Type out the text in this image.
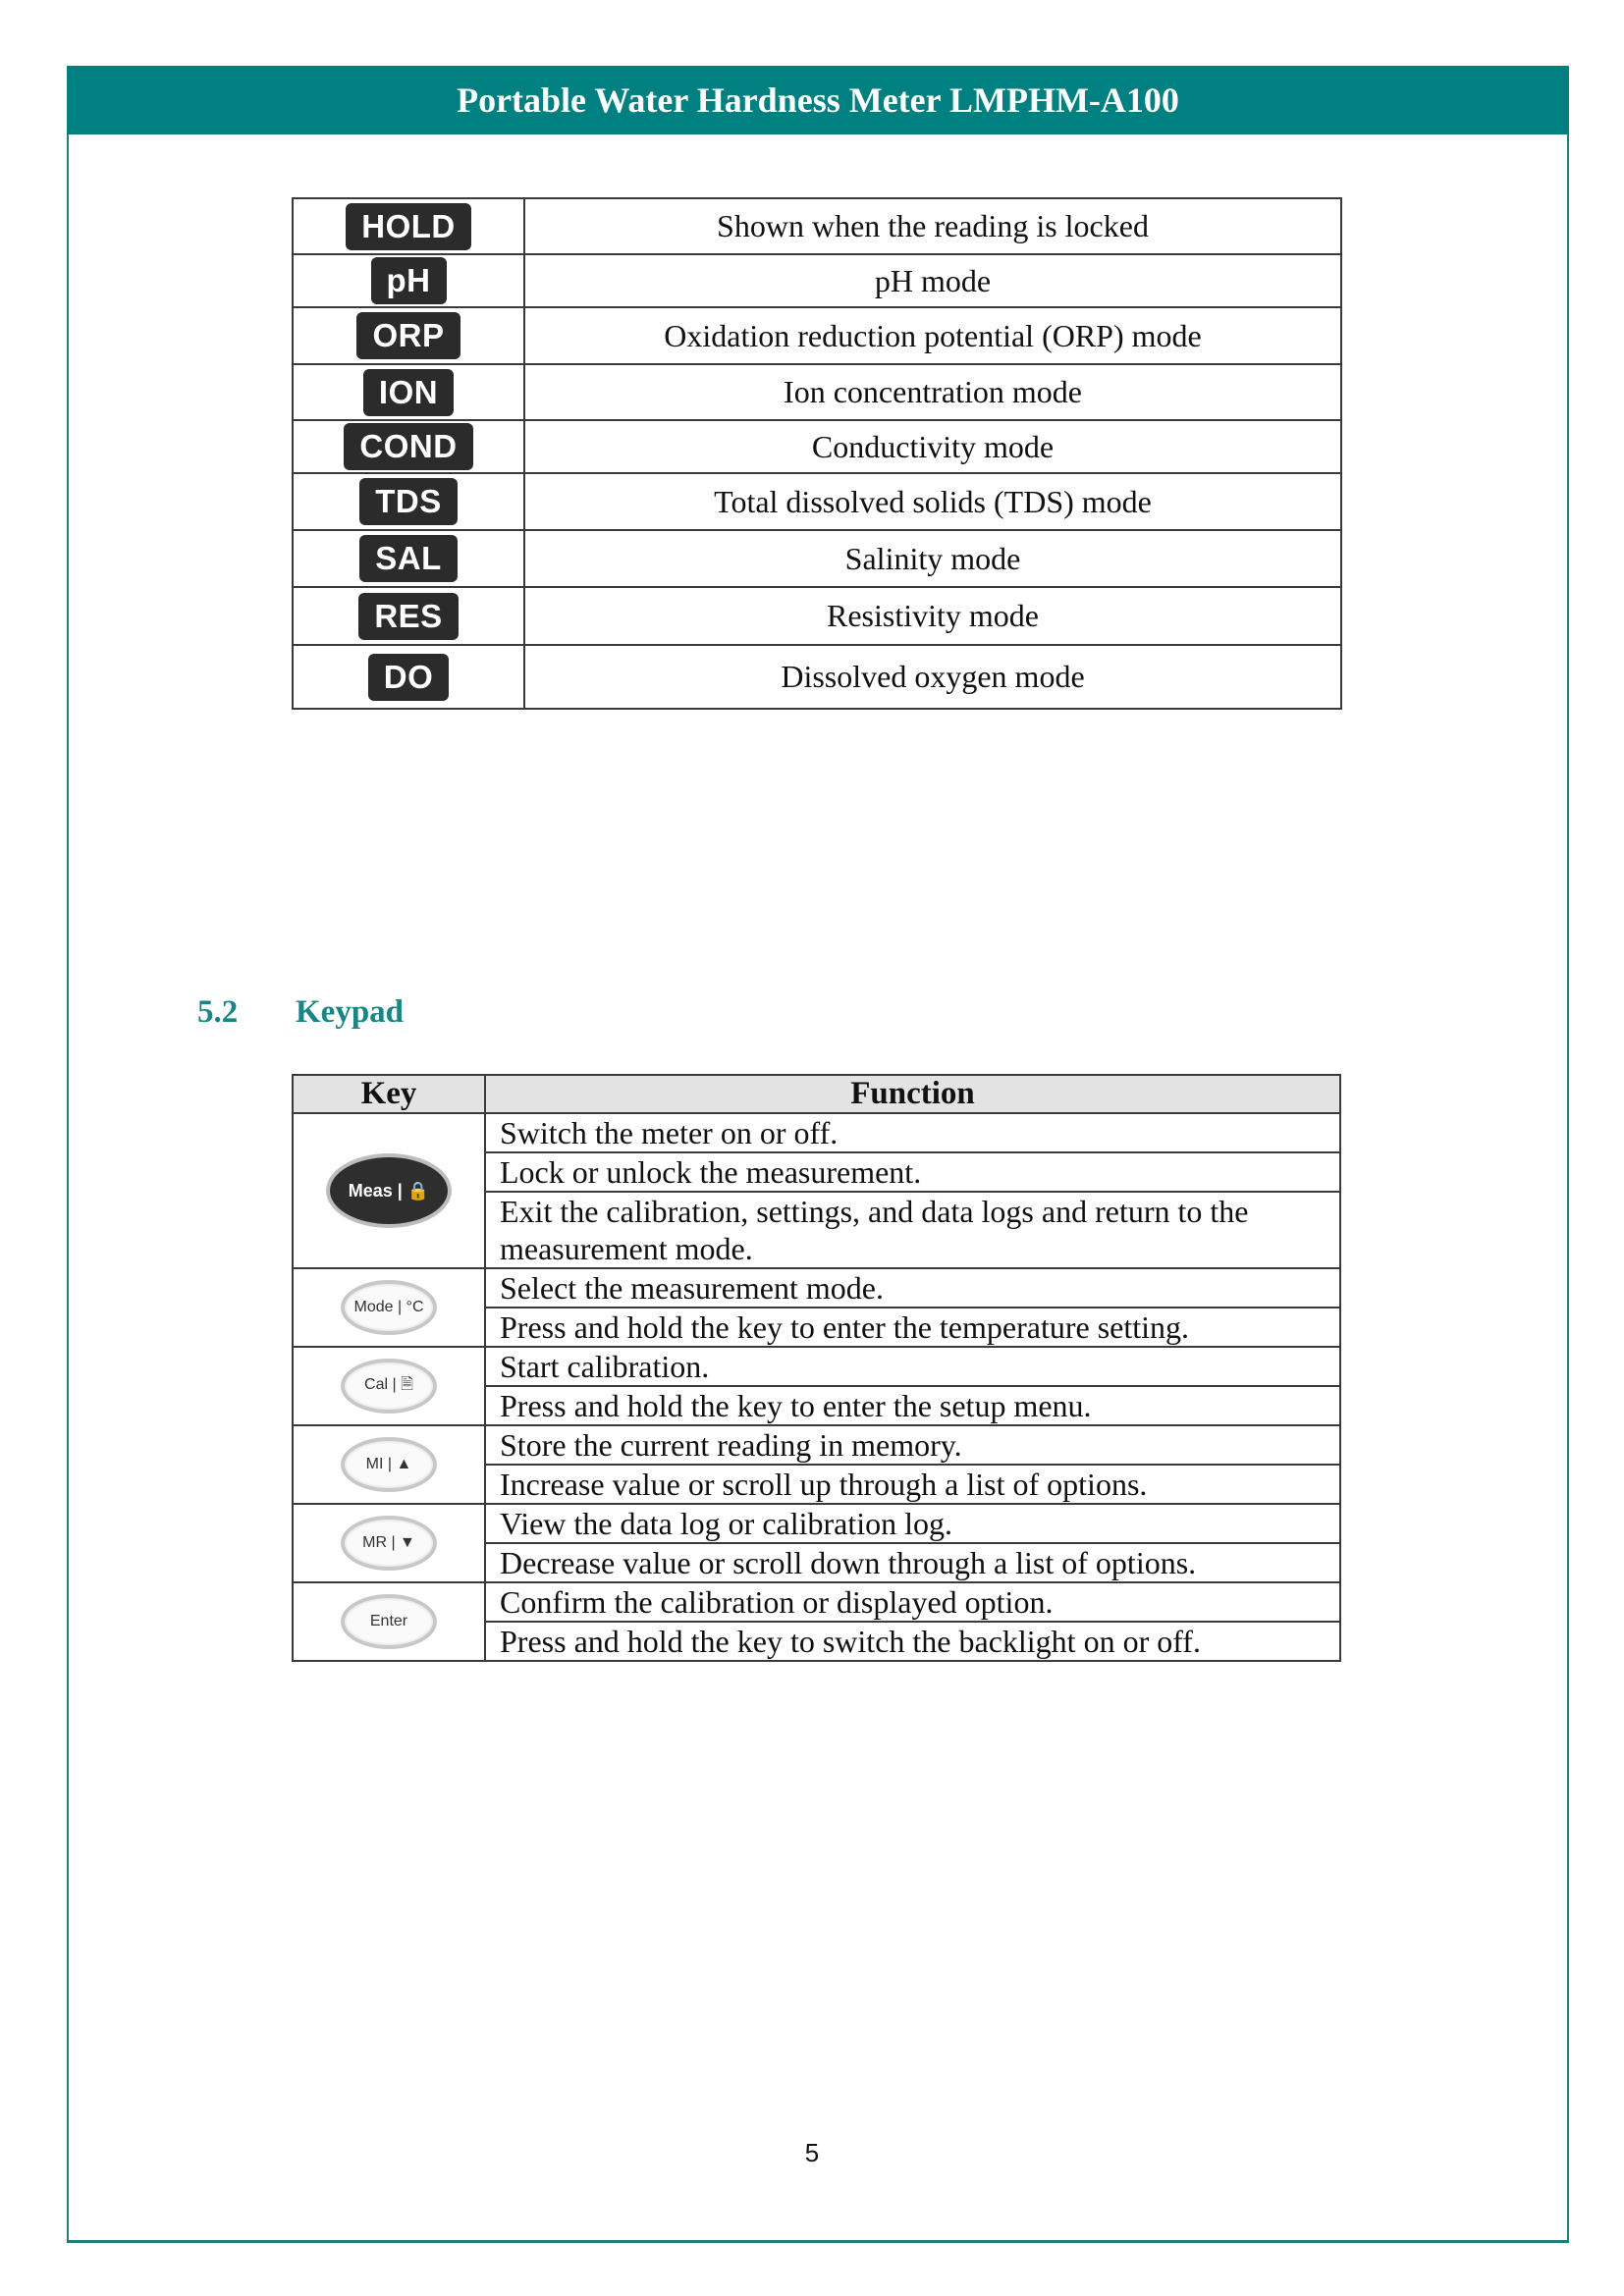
Portable Water Hardness Meter LMPHM-A100
HOLD	Shown when the reading is locked
pH	pH mode
ORP	Oxidation reduction potential (ORP) mode
ION	Ion concentration mode
COND	Conductivity mode
TDS	Total dissolved solids (TDS) mode
SAL	Salinity mode
RES	Resistivity mode
DO	Dissolved oxygen mode
5.2	Keypad
Key	Function
Meas | 🔒	Switch the meter on or off.
	Lock or unlock the measurement.
	Exit the calibration, settings, and data logs and return to the measurement mode.
Mode | °C	Select the measurement mode.
	Press and hold the key to enter the temperature setting.
Cal | 🗎	Start calibration.
	Press and hold the key to enter the setup menu.
MI | ▲	Store the current reading in memory.
	Increase value or scroll up through a list of options.
MR | ▼	View the data log or calibration log.
	Decrease value or scroll down through a list of options.
Enter	Confirm the calibration or displayed option.
	Press and hold the key to switch the backlight on or off.
5
